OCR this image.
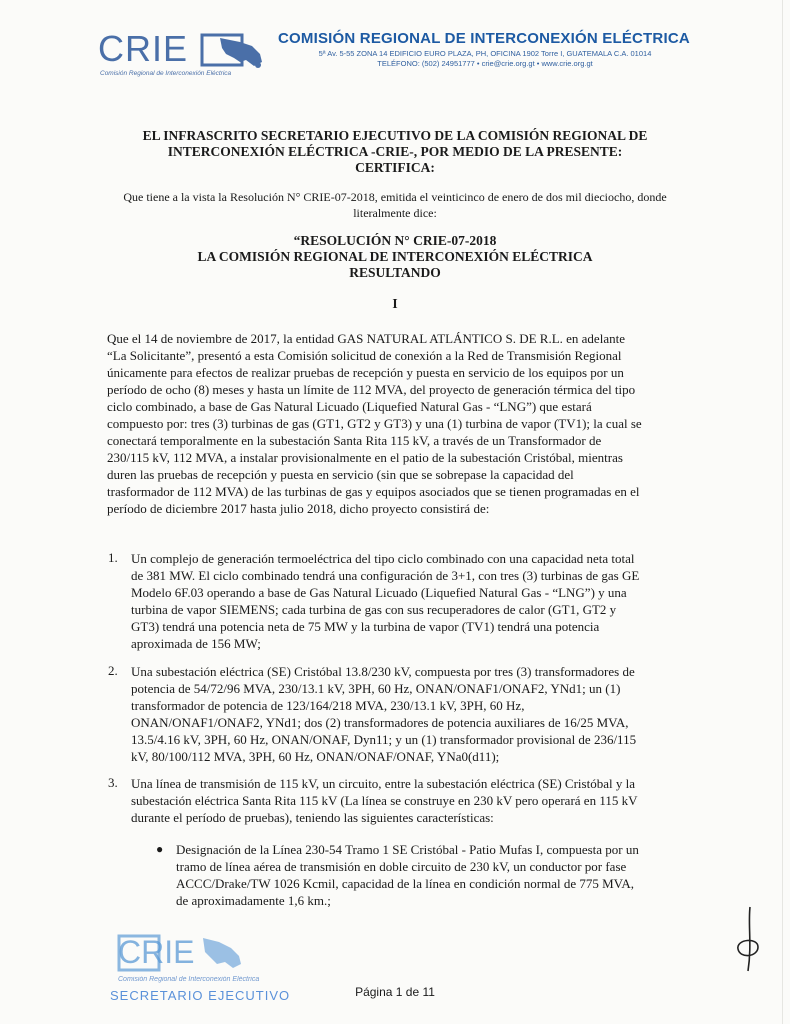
CRIE
Comisión Regional de Interconexión Eléctrica
COMISIÓN REGIONAL DE INTERCONEXIÓN ELÉCTRICA
5ª Av. 5-55 ZONA 14 EDIFICIO EURO PLAZA, PH, OFICINA 1902 Torre I, GUATEMALA C.A. 01014
TELÉFONO: (502) 24951777 • crie@crie.org.gt • www.crie.org.gt
EL INFRASCRITO SECRETARIO EJECUTIVO DE LA COMISIÓN REGIONAL DE
INTERCONEXIÓN ELÉCTRICA -CRIE-, POR MEDIO DE LA PRESENTE:
CERTIFICA:
Que tiene a la vista la Resolución N° CRIE-07-2018, emitida el veinticinco de enero de dos mil dieciocho, donde
literalmente dice:
“RESOLUCIÓN N° CRIE-07-2018
LA COMISIÓN REGIONAL DE INTERCONEXIÓN ELÉCTRICA
RESULTANDO
I
Que el 14 de noviembre de 2017, la entidad GAS NATURAL ATLÁNTICO S. DE R.L. en adelante
“La Solicitante”, presentó a esta Comisión solicitud de conexión a la Red de Transmisión Regional
únicamente para efectos de realizar pruebas de recepción y puesta en servicio de los equipos por un
período de ocho (8) meses y hasta un límite de 112 MVA, del proyecto de generación térmica del tipo
ciclo combinado, a base de Gas Natural Licuado (Liquefied Natural Gas - “LNG”) que estará
compuesto por: tres (3) turbinas de gas (GT1, GT2 y GT3) y una (1) turbina de vapor (TV1); la cual se
conectará temporalmente en la subestación Santa Rita 115 kV, a través de un Transformador de
230/115 kV, 112 MVA, a instalar provisionalmente en el patio de la subestación Cristóbal, mientras
duren las pruebas de recepción y puesta en servicio (sin que se sobrepase la capacidad del
trasformador de 112 MVA) de las turbinas de gas y equipos asociados que se tienen programadas en el
período de diciembre 2017 hasta julio 2018, dicho proyecto consistirá de:
1. Un complejo de generación termoeléctrica del tipo ciclo combinado con una capacidad neta total
de 381 MW. El ciclo combinado tendrá una configuración de 3+1, con tres (3) turbinas de gas GE
Modelo 6F.03 operando a base de Gas Natural Licuado (Liquefied Natural Gas - “LNG”) y una
turbina de vapor SIEMENS; cada turbina de gas con sus recuperadores de calor (GT1, GT2 y
GT3) tendrá una potencia neta de 75 MW y la turbina de vapor (TV1) tendrá una potencia
aproximada de 156 MW;
2. Una subestación eléctrica (SE) Cristóbal 13.8/230 kV, compuesta por tres (3) transformadores de
potencia de 54/72/96 MVA, 230/13.1 kV, 3PH, 60 Hz, ONAN/ONAF1/ONAF2, YNd1; un (1)
transformador de potencia de 123/164/218 MVA, 230/13.1 kV, 3PH, 60 Hz,
ONAN/ONAF1/ONAF2, YNd1; dos (2) transformadores de potencia auxiliares de 16/25 MVA,
13.5/4.16 kV, 3PH, 60 Hz, ONAN/ONAF, Dyn11; y un (1) transformador provisional de 236/115
kV, 80/100/112 MVA, 3PH, 60 Hz, ONAN/ONAF/ONAF, YNa0(d11);
3. Una línea de transmisión de 115 kV, un circuito, entre la subestación eléctrica (SE) Cristóbal y la
subestación eléctrica Santa Rita 115 kV (La línea se construye en 230 kV pero operará en 115 kV
durante el período de pruebas), teniendo las siguientes características:
● Designación de la Línea 230-54 Tramo 1 SE Cristóbal - Patio Mufas I, compuesta por un
tramo de línea aérea de transmisión en doble circuito de 230 kV, un conductor por fase
ACCC/Drake/TW 1026 Kcmil, capacidad de la línea en condición normal de 775 MVA,
de aproximadamente 1,6 km.;
CRIE
Comisión Regional de Interconexión Eléctrica
SECRETARIO EJECUTIVO	Página 1 de 11
